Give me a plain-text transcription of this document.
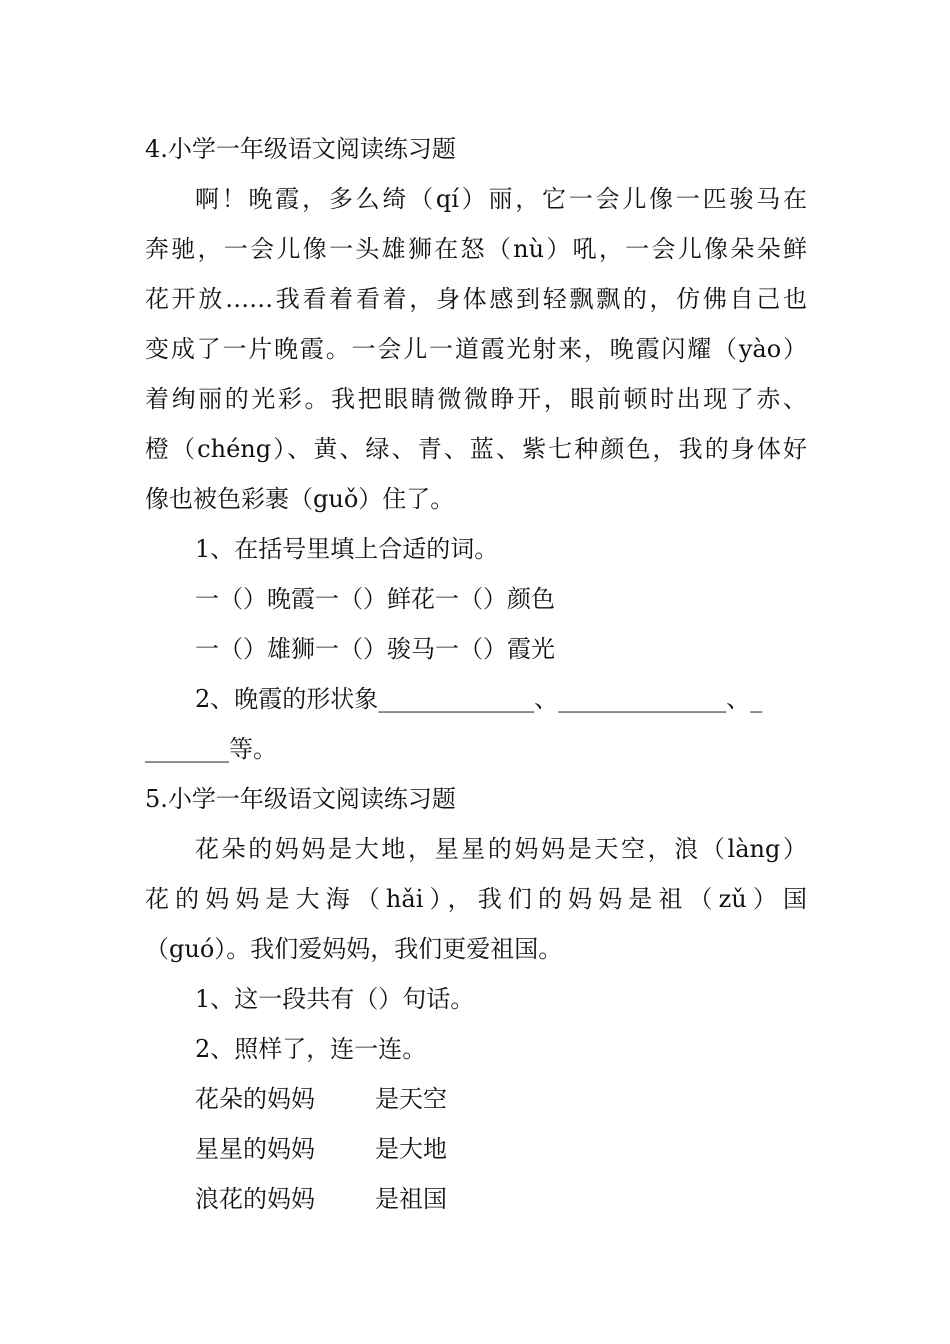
4.小学一年级语文阅读练习题

啊！晚霞，多么绮（qí）丽，它一会儿像一匹骏马在

奔驰，一会儿像一头雄狮在怒（nù）吼，一会儿像朵朵鲜

花开放……我看着看着，身体感到轻飘飘的，仿佛自己也

变成了一片晚霞。一会儿一道霞光射来，晚霞闪耀（yào）

着绚丽的光彩。我把眼睛微微睁开，眼前顿时出现了赤、

橙（chéng）、黄、绿、青、蓝、紫七种颜色，我的身体好

像也被色彩裹（guǒ）住了。

1、在括号里填上合适的词。

一（）晚霞一（）鲜花一（）颜色

一（）雄狮一（）骏马一（）霞光

2、晚霞的形状象_____________、______________、_

_______等。

5.小学一年级语文阅读练习题

花朵的妈妈是大地，星星的妈妈是天空，浪（làng）

花的妈妈是大海（hǎi），我们的妈妈是祖（zǔ）国

（guó）。我们爱妈妈，我们更爱祖国。

1、这一段共有（）句话。

2、照样了，连一连。

花朵的妈妈	是天空

星星的妈妈	是大地

浪花的妈妈	是祖国
